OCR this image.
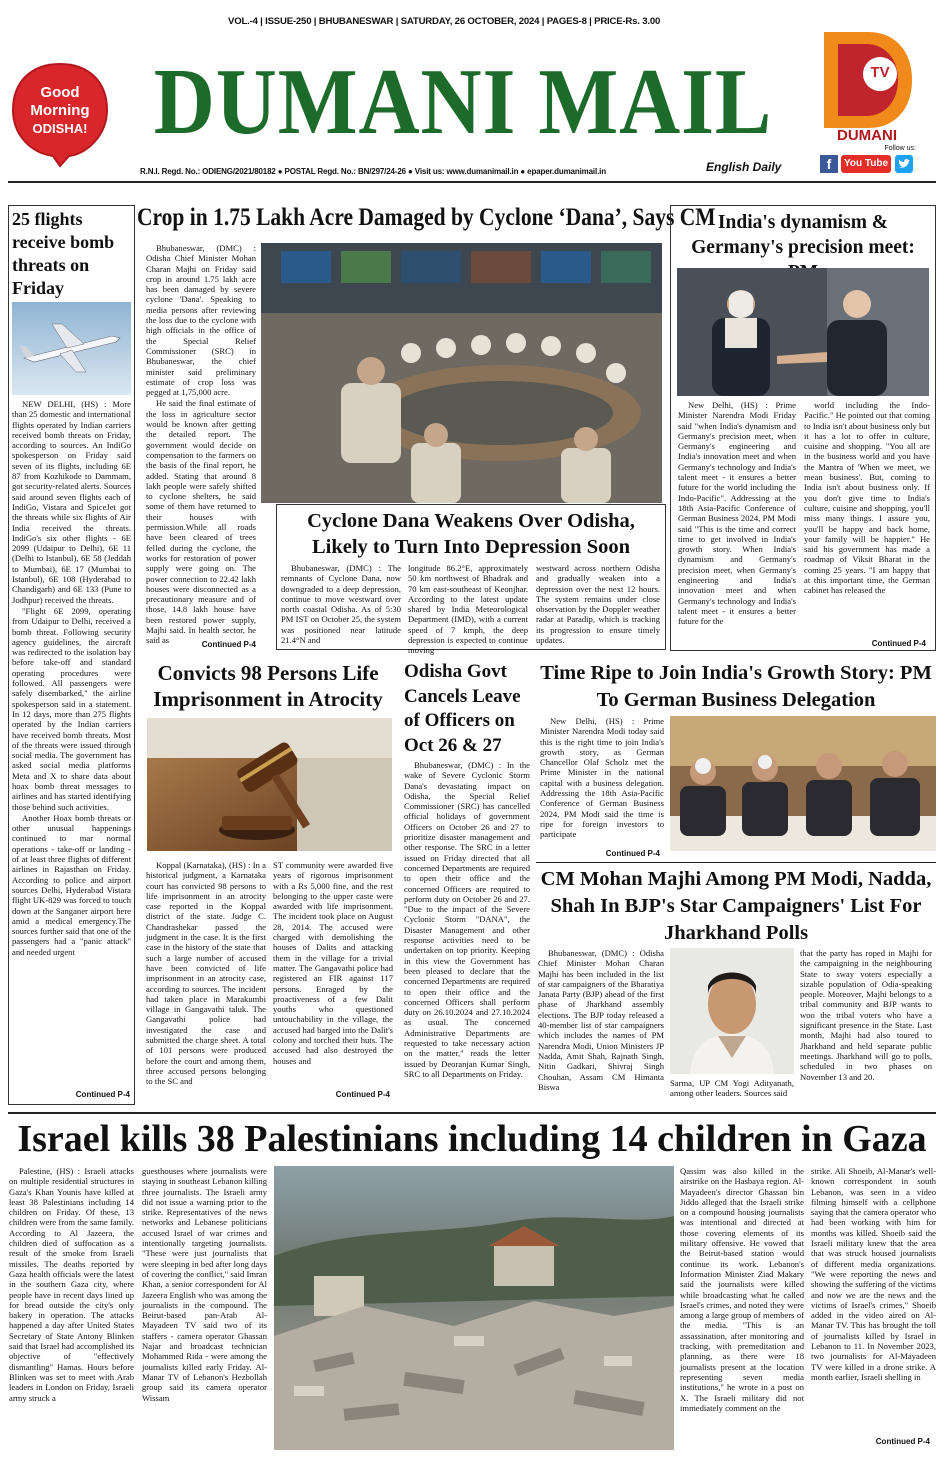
VOL.-4 | ISSUE-250 | BHUBANESWAR | SATURDAY, 26 OCTOBER, 2024 | PAGES-8 | PRICE-Rs. 3.00
Good
Morning
ODISHA! DUMANI MAIL
R.N.I. Regd. No.: ODIENG/2021/80182 ● POSTAL Regd. No.: BN/297/24-26 ● Visit us: www.dumanimail.in ● epaper.dumanimail.in	English Daily
TV
DUMANI
Follow us:
f	You Tube
25 flights receive bomb threats on Friday

NEW DELHI, (HS) : More than 25 domestic and international flights operated by Indian carriers received bomb threats on Friday, according to sources. An IndiGo spokesperson on Friday said seven of its flights, including 6E 87 from Kozhikode to Dammam, got security-related alerts. Sources said around seven flights each of IndiGo, Vistara and SpiceJet got the threats while six flights of Air India received the threats. IndiGo's six other flights - 6E 2099 (Udaipur to Delhi), 6E 11 (Delhi to Istanbul), 6E 58 (Jeddah to Mumbai), 6E 17 (Mumbai to Istanbul), 6E 108 (Hyderabad to Chandigarh) and 6E 133 (Pune to Jodhpur) received the threats.

"Flight 6E 2099, operating from Udaipur to Delhi, received a bomb threat. Following security agency guidelines, the aircraft was redirected to the isolation bay before take-off and standard operating procedures were followed. All passengers were safely disembarked," the airline spokesperson said in a statement. In 12 days, more than 275 flights operated by the Indian carriers have received bomb threats. Most of the threats were issued through social media. The government has asked social media platforms Meta and X to share data about hoax bomb threat messages to airlines and has started identifying those behind such activities.

Another Hoax bomb threats or other unusual happenings continued to mar normal operations - take-off or landing - of at least three flights of different airlines in Rajasthan on Friday. According to police and airport sources Delhi, Hyderabad Vistara flight UK-829 was forced to touch down at the Sanganer airport here amid a medical emergency.The sources further said that one of the passengers had a "panic attack" and needed urgent

Continued P-4
Crop in 1.75 Lakh Acre Damaged by Cyclone ‘Dana’, Says CM

Bhubaneswar, (DMC) : Odisha Chief Minister Mohan Charan Majhi on Friday said crop in around 1.75 lakh acre has been damaged by severe cyclone 'Dana'. Speaking to media persons after reviewing the loss due to the cyclone with high officials in the office of the Special Relief Commissioner (SRC) in Bhubaneswar, the chief minister said preliminary estimate of crop loss was pegged at 1,75,000 acre.

He said the final estimate of the loss in agriculture sector would be known after getting the detailed report. The government would decide on compensation to the farmers on the basis of the final report, he added. Stating that around 8 lakh people were safely shifted to cyclone shelters, he said some of them have returned to their houses with permission.While all roads have been cleared of trees felled during the cyclone, the works for restoration of power supply were going on. The power connection to 22.42 lakh houses were disconnected as a precautionary measure and of those, 14.8 lakh house have been restored power supply, Majhi said. In health sector, he said as

India's dynamism & Germany's precision meet:
New Delhi, (HS) : Prime Minister Narendra Modi Friday said "when India's dynamism and Germany's precision meet, when Germany's engineering and India's innovation meet and when Germany's technology and India's talent meet - it ensures a better future for the world including the Indo-Pacific". Addressing at the 18th Asia-Pacific Conference of German Business 2024, PM Modi said "This is the time and correct time to get involved in India's growth story. When India's dynamism and Germany's precision meet, when Germany's engineering and India's innovation meet and when Germany's technology and India's talent meet - it ensures a better future for the
world including the Indo-Pacific." He pointed out that coming to India isn't about business only but it has a lot to offer in culture, cuisine and shopping. "You all are in the business world and you have the Mantra of 'When we meet, we mean business'. But, coming to India isn't about business only. If you don't give time to India's culture, cuisine and shopping, you'll miss many things. I assure you, you'll be happy and back home, your family will be happier." He said his government has made a roadmap of Viksit Bharat in the coming 25 years. "I am happy that at this important time, the German cabinet has released the
Continued P-4
Cyclone Dana Weakens Over Odisha, Likely to Turn Into Depression Soon
Bhubaneswar, (DMC) : The remnants of Cyclone Dana, now downgraded to a deep depression, continue to move westward over north coastal Odisha. As of 5:30 PM IST on October 25, the system was positioned near latitude 21.4°N and
longitude 86.2°E, approximately 50 km northwest of Bhadrak and 70 km east-southeast of Keonjhar. According to the latest update shared by India Meteorological Department (IMD), with a current speed of 7 kmph, the deep depression is expected to continue moving
westward across northern Odisha and gradually weaken into a depression over the next 12 hours. The system remains under close observation by the Doppler weather radar at Paradip, which is tracking its progression to ensure timely updates.
Continued P-4
Convicts 98 Persons Life Imprisonment in Atrocity
Koppal (Karnataka), (HS) : In a historical judgment, a Karnataka court has convicted 98 persons to life imprisonment in an atrocity case reported in the Koppal district of the state. Judge C. Chandrashekar passed the judgment in the case. It is the first case in the history of the state that such a large number of accused have been convicted of life imprisonment in an atrocity case, according to sources. The incident had taken place in Marakumbi village in Gangavathi taluk. The Gangavathi police had investigated the case and submitted the charge sheet. A total of 101 persons were produced before the court and among them, three accused persons belonging to the SC and
ST community were awarded five years of rigorous imprisonment with a Rs 5,000 fine, and the rest belonging to the upper caste were awarded with life imprisonment. The incident took place on August 28, 2014. The accused were charged with demolishing the houses of Dalits and attacking them in the village for a trivial matter. The Gangavathi police had registered an FIR against 117 persons. Enraged by the proactiveness of a few Dalit youths who questioned untouchability in the village, the accused had barged into the Dalit's colony and torched their huts. The accused had also destroyed the houses and
Continued P-4
Odisha Govt Cancels Leave of Officers on Oct 26 & 27
Bhubaneswar, (DMC) : In the wake of Severe Cyclonic Storm Dana's devastating impact on Odisha, the Special Relief Commissioner (SRC) has cancelled official holidays of government Officers on October 26 and 27 to prioritize disaster management and other response. The SRC in a letter issued on Friday directed that all concerned Departments are required to open their office and the concerned Officers are required to perform duty on October 26 and 27. "Due to the impact of the Severe Cyclonic Storm "DANA", the Disaster Management and other response activities need to be undertaken on top priority. Keeping in this view the Government has been pleased to declare that the concerned Departments are required to open their office and the concerned Officers shall perform duty on 26.10.2024 and 27.10.2024 as usual. The concerned Administrative Departments are requested to take necessary action on the matter," reads the letter issued by Deoranjan Kumar Singh, SRC to all Departments on Friday.
Time Ripe to Join India's Growth Story: PM To German Business Delegation
New Delhi, (HS) : Prime Minister Narendra Modi today said this is the right time to join India's growth story, as German Chancellor Olaf Scholz met the Prime Minister in the national capital with a business delegation. Addressing the 18th Asia-Pacific Conference of German Business 2024, PM Modi said the time is ripe for foreign investors to participate
Continued P-4
CM Mohan Majhi Among PM Modi, Nadda, Shah In BJP's Star Campaigners' List For Jharkhand Polls
Bhubaneswar, (DMC) : Odisha Chief Minister Mohan Charan Majhi has been included in the list of star campaigners of the Bharatiya Janata Party (BJP) ahead of the first phase of Jharkhand assembly elections. The BJP today released a 40-member list of star campaigners which includes the names of PM Narendra Modi, Union Ministers JP Nadda, Amit Shah, Rajnath Singh, Nitin Gadkari, Shivraj Singh Chouhan, Assam CM Himanta Biswa	Sarma, UP CM Yogi Adityanath, among other leaders. Sources said
that the party has roped in Majhi for the campaigning in the neighbouring State to sway voters especially a sizable population of Odia-speaking people. Moreover, Majhi belongs to a tribal community and BJP wants to woo the tribal voters who have a significant presence in the State. Last month, Majhi had also toured to Jharkhand and held separate public meetings. Jharkhand will go to polls, scheduled in two phases on November 13 and 20.
Israel kills 38 Palestinians including 14 children in Gaza
Palestine, (HS) : Israeli attacks on multiple residential structures in Gaza's Khan Younis have killed at least 38 Palestinians including 14 children on Friday. Of these, 13 children were from the same family. According to Al Jazeera, the children died of suffocation as a result of the smoke from Israeli missiles. The deaths reported by Gaza health officials were the latest in the southern Gaza city, where people have in recent days lined up for bread outside the city's only bakery in operation. The attacks happened a day after United States Secretary of State Antony Blinken said that Israel had accomplished its objective of "effectively dismantling" Hamas. Hours before Blinken was set to meet with Arab leaders in London on Friday, Israeli army struck a
guesthouses where journalists were staying in southeast Lebanon killing three journalists. The Israeli army did not issue a warning prior to the strike. Representatives of the news networks and Lebanese politicians accused Israel of war crimes and intentionally targeting journalists. "These were just journalists that were sleeping in bed after long days of covering the conflict," said Imran Khan, a senior correspondent for Al Jazeera English who was among the journalists in the compound. The Beirut-based pan-Arab Al-Mayadeen TV said two of its staffers - camera operator Ghassan Najar and broadcast technician Mohammed Rida - were among the journalists killed early Friday. Al-Manar TV of Lebanon's Hezbollah group said its camera operator Wissam
Qassim was also killed in the airstrike on the Hasbaya region. Al-Mayadeen's director Ghassan bin Jiddo alleged that the Israeli strike on a compound housing journalists was intentional and directed at those covering elements of its military offensive. He vowed that the Beirut-based station would continue its work. Lebanon's Information Minister Ziad Makary said the journalists were killed while broadcasting what he called Israel's crimes, and noted they were among a large group of members of the media. "This is an assassination, after monitoring and tracking, with premeditation and planning, as there were 18 journalists present at the location representing seven media institutions," he wrote in a post on X. The Israeli military did not immediately comment on the
strike. Ali Shoeib, Al-Manar's well-known correspondent in south Lebanon, was seen in a video filming himself with a cellphone saying that the camera operator who had been working with him for months was killed. Shoeib said the Israeli military knew that the area that was struck housed journalists of different media organizations. "We were reporting the news and showing the suffering of the victims and now we are the news and the victims of Israel's crimes," Shoeib added in the video aired on Al-Manar TV. This has brought the toll of journalists killed by Israel in Lebanon to 11. In November 2023, two journalists for Al-Mayadeen TV were killed in a drone strike. A month earlier, Israeli shelling in
Continued P-4
